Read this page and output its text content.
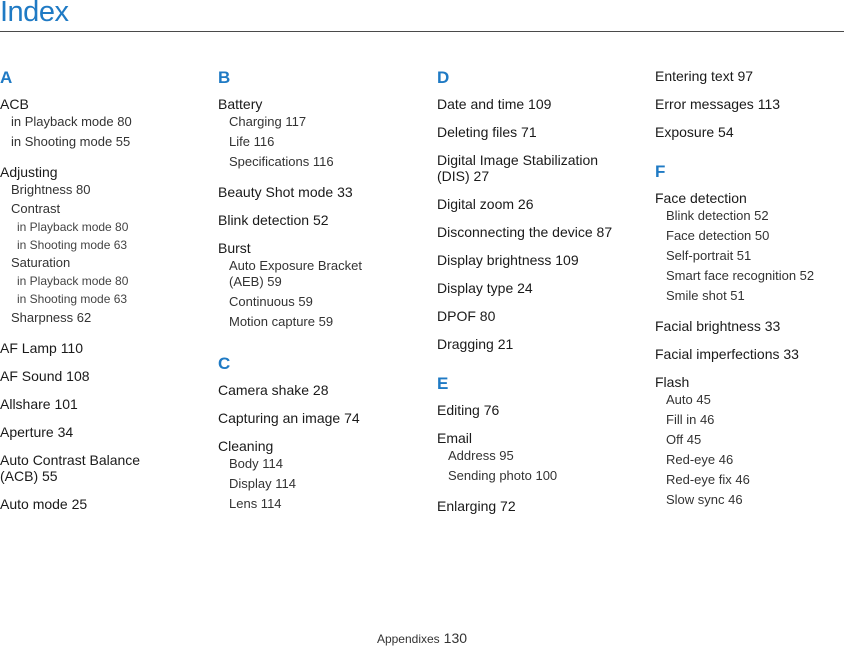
Index
A
ACB
in Playback mode 80
in Shooting mode 55
Adjusting
Brightness 80
Contrast
in Playback mode 80
in Shooting mode 63
Saturation
in Playback mode 80
in Shooting mode 63
Sharpness 62
AF Lamp 110
AF Sound 108
Allshare 101
Aperture 34
Auto Contrast Balance
(ACB) 55
Auto mode 25
B
Battery
Charging 117
Life 116
Specifications 116
Beauty Shot mode 33
Blink detection 52
Burst
Auto Exposure Bracket
(AEB) 59
Continuous 59
Motion capture 59
C
Camera shake 28
Capturing an image 74
Cleaning
Body 114
Display 114
Lens 114
D
Date and time 109
Deleting files 71
Digital Image Stabilization
(DIS) 27
Digital zoom 26
Disconnecting the device 87
Display brightness 109
Display type 24
DPOF 80
Dragging 21
E
Editing 76
Email
Address 95
Sending photo 100
Enlarging 72
Entering text 97
Error messages 113
Exposure 54
F
Face detection
Blink detection 52
Face detection 50
Self-portrait 51
Smart face recognition 52
Smile shot 51
Facial brightness 33
Facial imperfections 33
Flash
Auto 45
Fill in 46
Off 45
Red-eye 46
Red-eye fix 46
Slow sync 46
Appendixes 130
